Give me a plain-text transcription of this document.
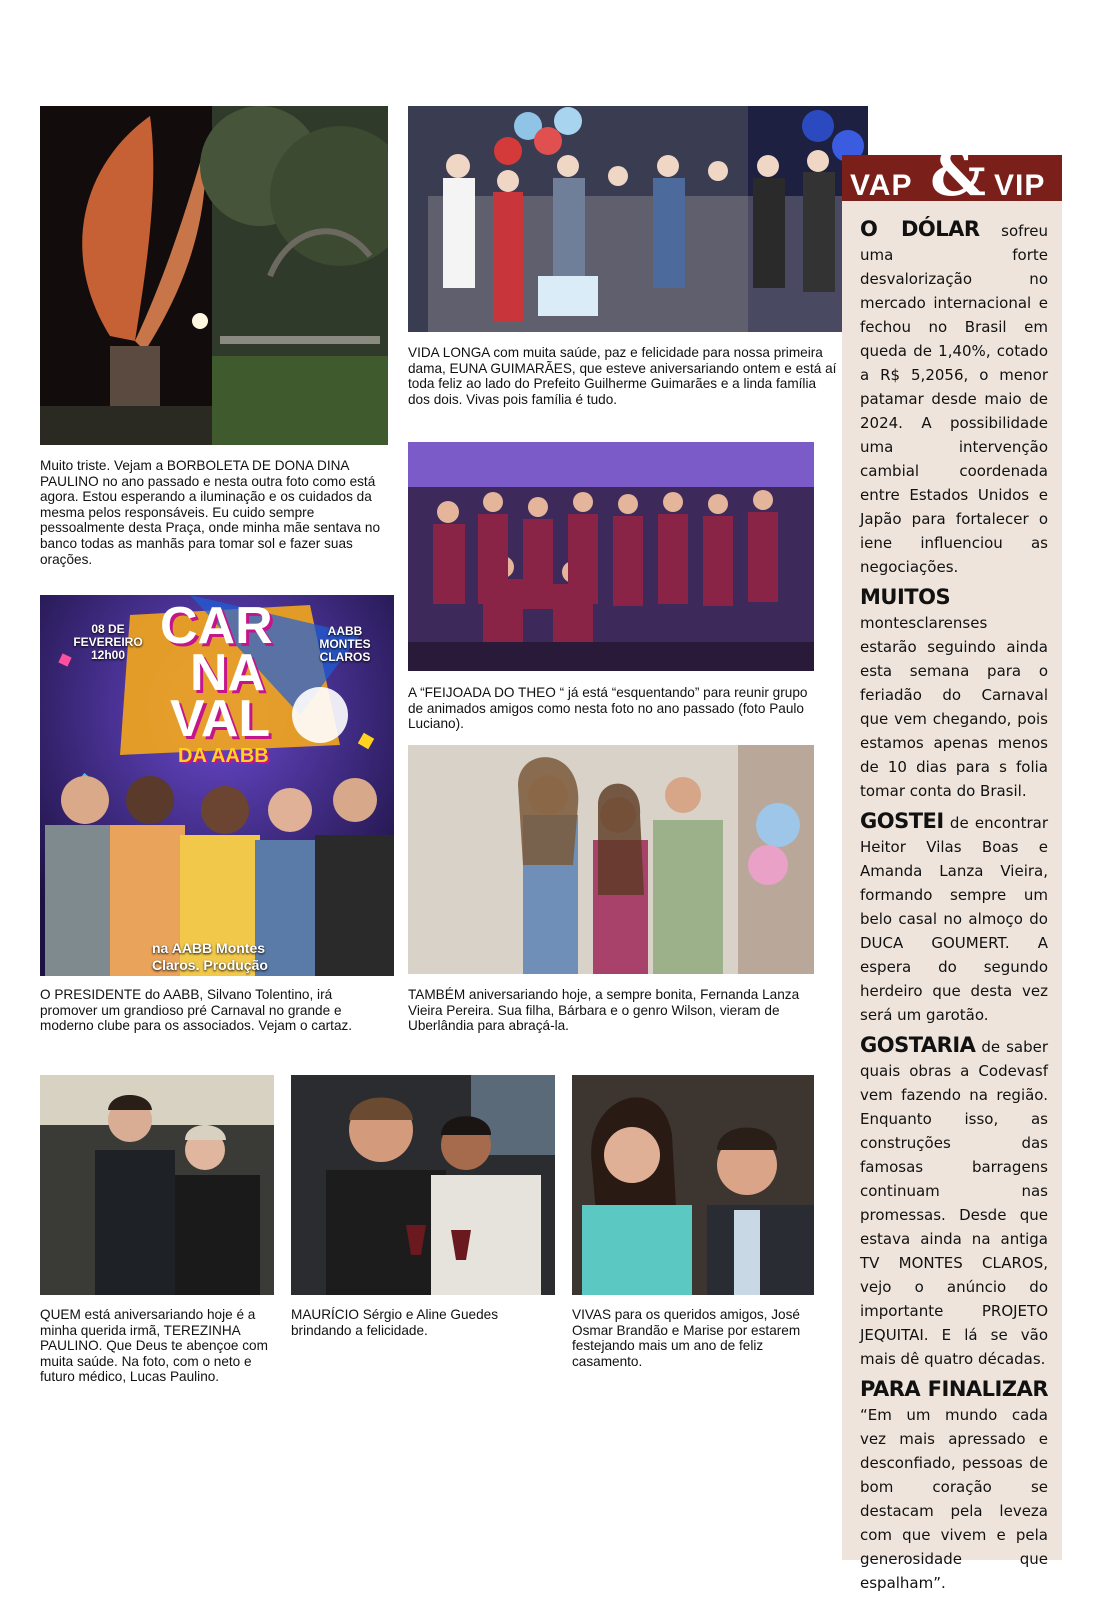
Muito triste. Vejam a BORBOLETA DE DONA DINA PAULINO no ano passado e nesta outra foto como está agora. Estou esperando a iluminação e os cuidados da mesma pelos responsáveis. Eu cuido sempre pessoalmente desta Praça, onde minha mãe sentava no banco todas as manhãs para tomar sol e fazer suas orações.

VIDA LONGA com muita saúde, paz e felicidade para nossa primeira dama, EUNA GUIMARÃES, que esteve aniversariando ontem e está aí toda feliz ao lado do Prefeito Guilherme Guimarães e a linda família dos dois. Vivas pois família é tudo.

A “FEIJOADA DO THEO “ já está “esquentando” para reunir grupo de animados amigos como nesta foto no ano passado (foto Paulo Luciano).

08 DE FEVEREIRO 12h00
AABB MONTES CLAROS
CAR
NA
VAL
DA AABB
na AABB Montes
Claros. Produção

O PRESIDENTE do AABB, Silvano Tolentino, irá promover um grandioso pré Carnaval no grande e moderno clube para os associados. Vejam o cartaz.

TAMBÉM aniversariando hoje, a sempre bonita, Fernanda Lanza Vieira Pereira. Sua filha, Bárbara e o genro Wilson, vieram de Uberlândia para abraçá-la.

QUEM está aniversariando hoje é a minha querida irmã, TEREZINHA PAULINO. Que Deus te abençoe com muita saúde. Na foto, com o neto e futuro médico, Lucas Paulino.

MAURÍCIO Sérgio e Aline Guedes brindando a felicidade.

VIVAS para os queridos amigos, José Osmar Brandão e Marise por estarem festejando mais um ano de feliz casamento.

VAP & VIP

O DÓLAR sofreu uma forte desvalorização no mercado internacional e fechou no Brasil em queda de 1,40%, cotado a R$ 5,2056, o menor patamar desde maio de 2024. A possibilidade uma intervenção cambial coordenada entre Estados Unidos e Japão para fortalecer o iene influenciou as negociações.

MUITOS montesclarenses estarão seguindo ainda esta semana para o feriadão do Carnaval que vem chegando, pois estamos apenas menos de 10 dias para s folia tomar conta do Brasil.

GOSTEI de encontrar Heitor Vilas Boas e Amanda Lanza Vieira, formando sempre um belo casal no almoço do DUCA GOUMERT. A espera do segundo herdeiro que desta vez será um garotão.

GOSTARIA de saber quais obras a Codevasf vem fazendo na região. Enquanto isso, as construções das famosas barragens continuam nas promessas. Desde que estava ainda na antiga TV MONTES CLAROS, vejo o anúncio do importante PROJETO JEQUITAI. E lá se vão mais dê quatro décadas.

PARA FINALIZAR “Em um mundo cada vez mais apressado e desconfiado, pessoas de bom coração se destacam pela leveza com que vivem e pela generosidade que espalham”.
